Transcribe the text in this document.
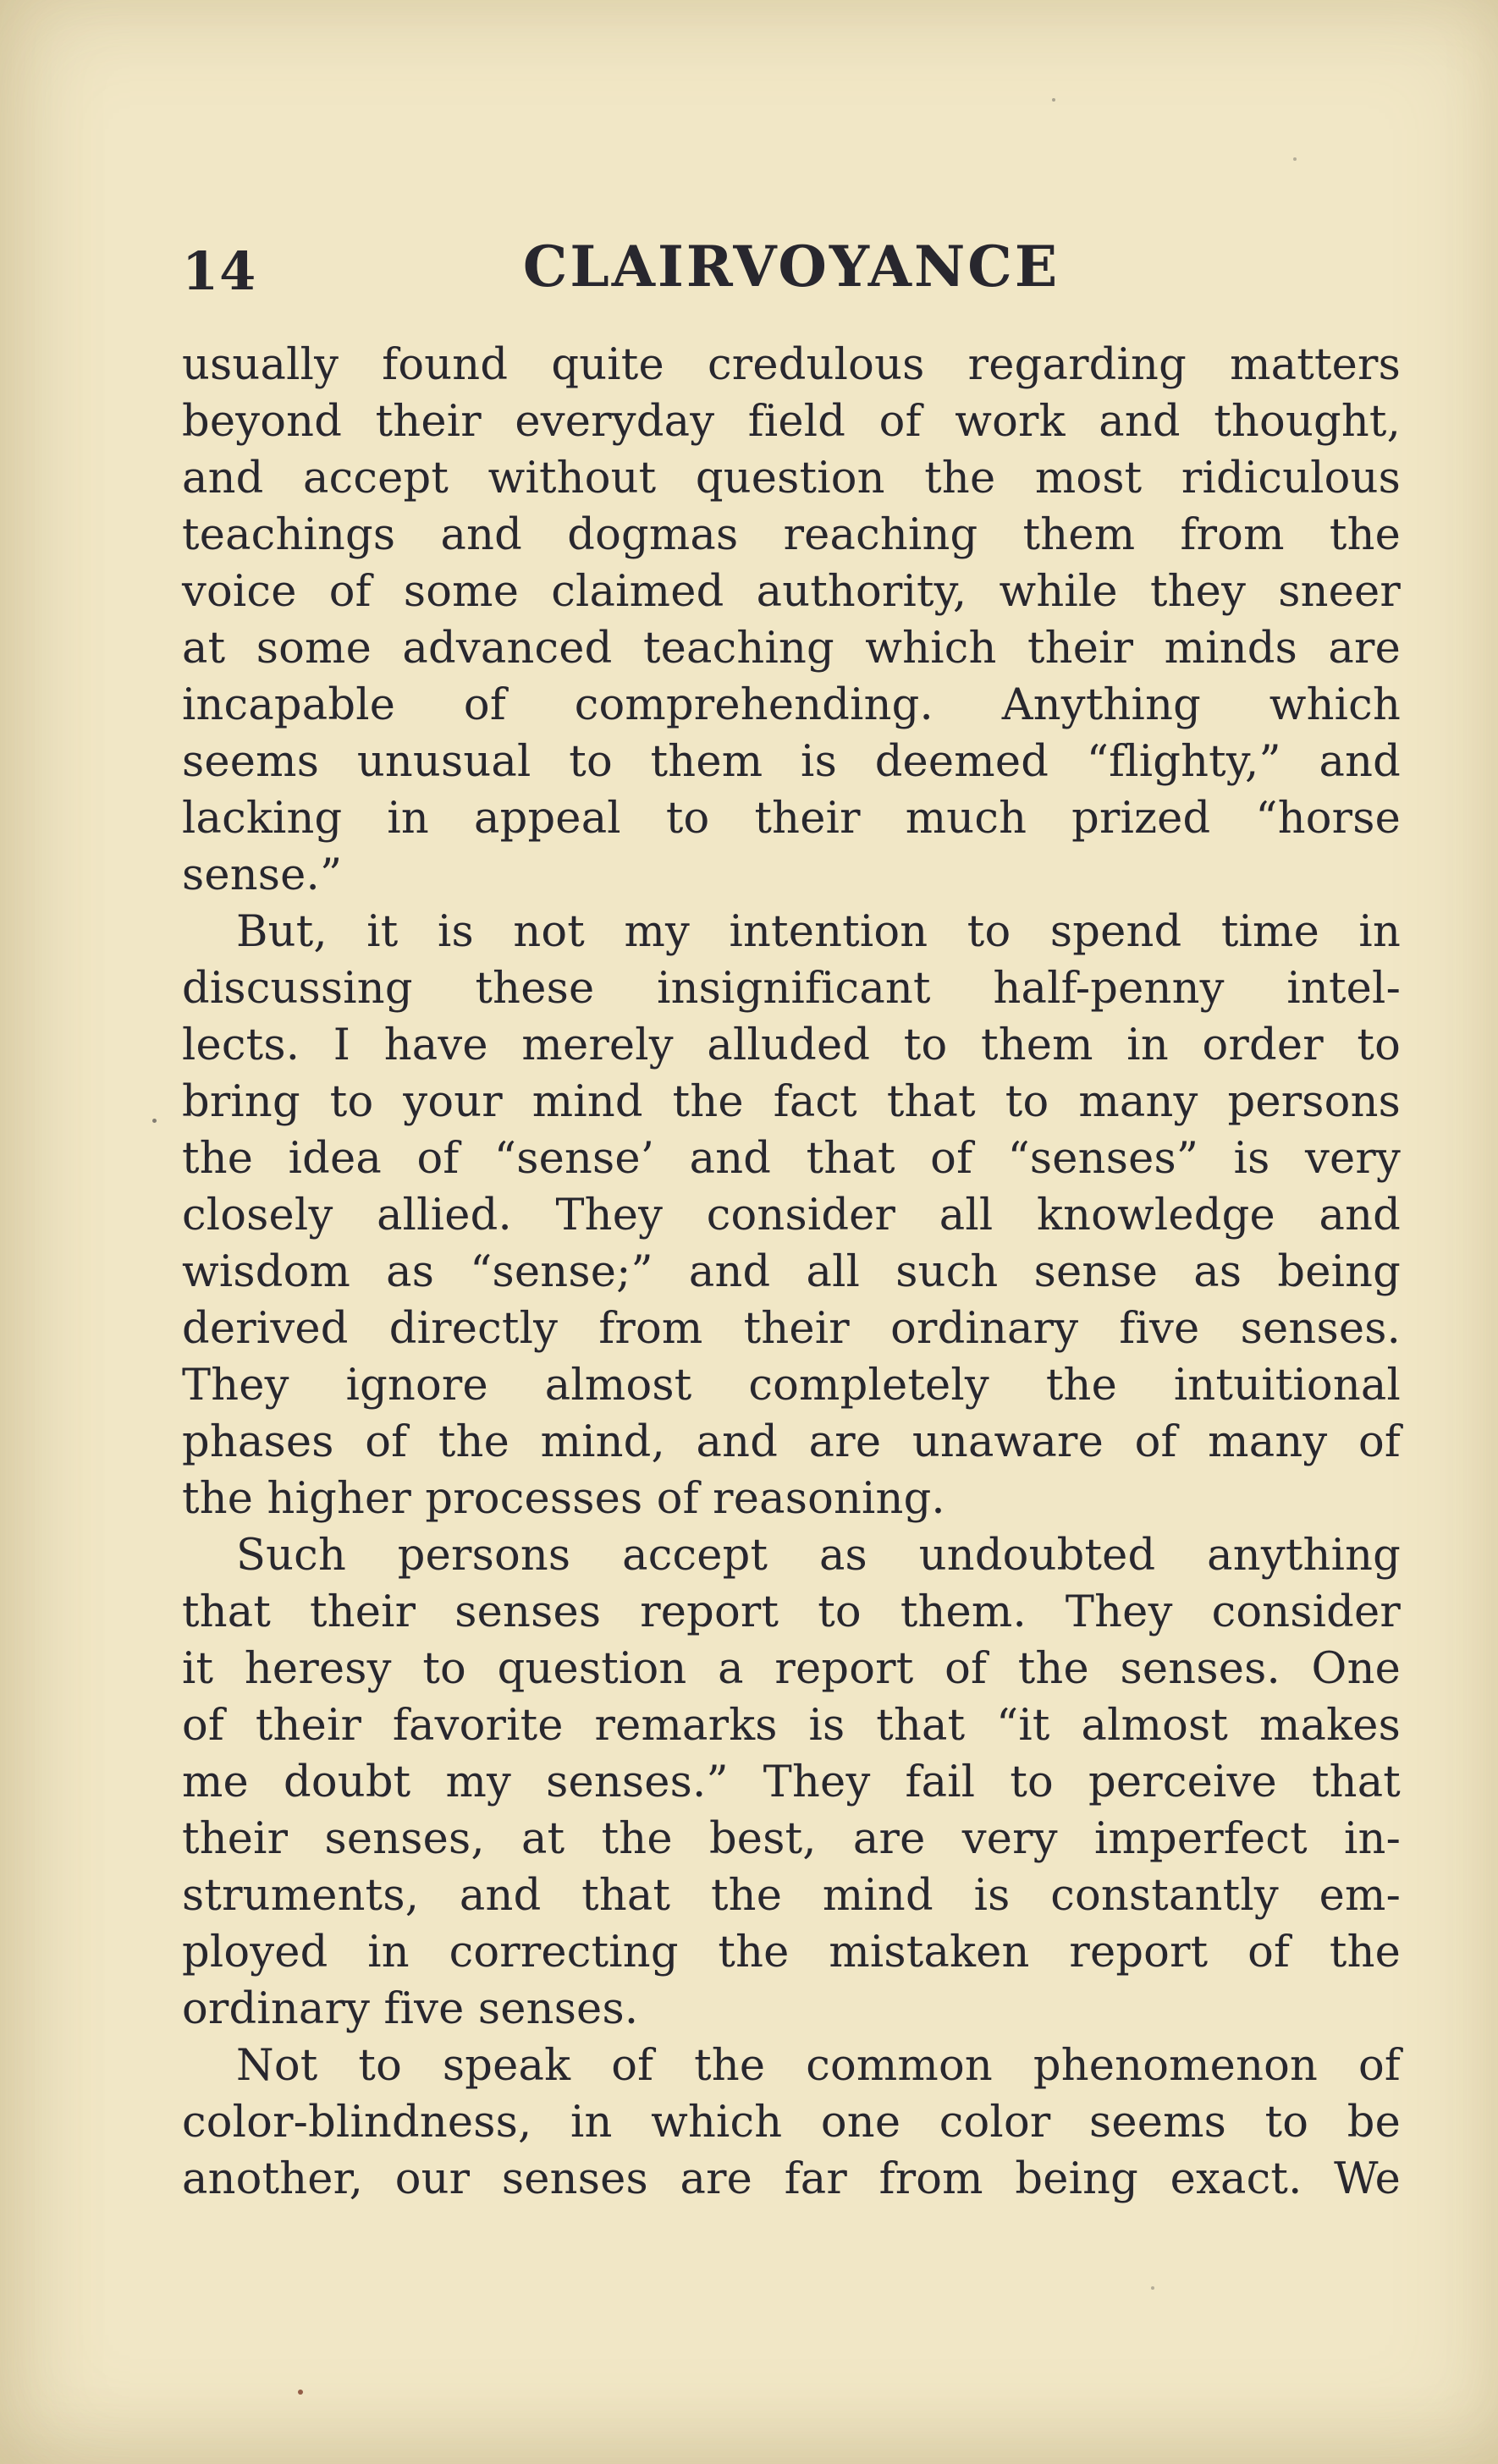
14	CLAIRVOYANCE
usually found quite credulous regarding matters
beyond their everyday field of work and thought,
and accept without question the most ridiculous
teachings and dogmas reaching them from the
voice of some claimed authority, while they sneer
at some advanced teaching which their minds are
incapable of comprehending. Anything which
seems unusual to them is deemed “flighty,” and
lacking in appeal to their much prized “horse
sense.”
But, it is not my intention to spend time in
discussing these insignificant half-penny intel-
lects. I have merely alluded to them in order to
bring to your mind the fact that to many persons
the idea of “sense’ and that of “senses” is very
closely allied. They consider all knowledge and
wisdom as “sense;” and all such sense as being
derived directly from their ordinary five senses.
They ignore almost completely the intuitional
phases of the mind, and are unaware of many of
the higher processes of reasoning.
Such persons accept as undoubted anything
that their senses report to them. They consider
it heresy to question a report of the senses. One
of their favorite remarks is that “it almost makes
me doubt my senses.” They fail to perceive that
their senses, at the best, are very imperfect in-
struments, and that the mind is constantly em-
ployed in correcting the mistaken report of the
ordinary five senses.
Not to speak of the common phenomenon of
color-blindness, in which one color seems to be
another, our senses are far from being exact. We
